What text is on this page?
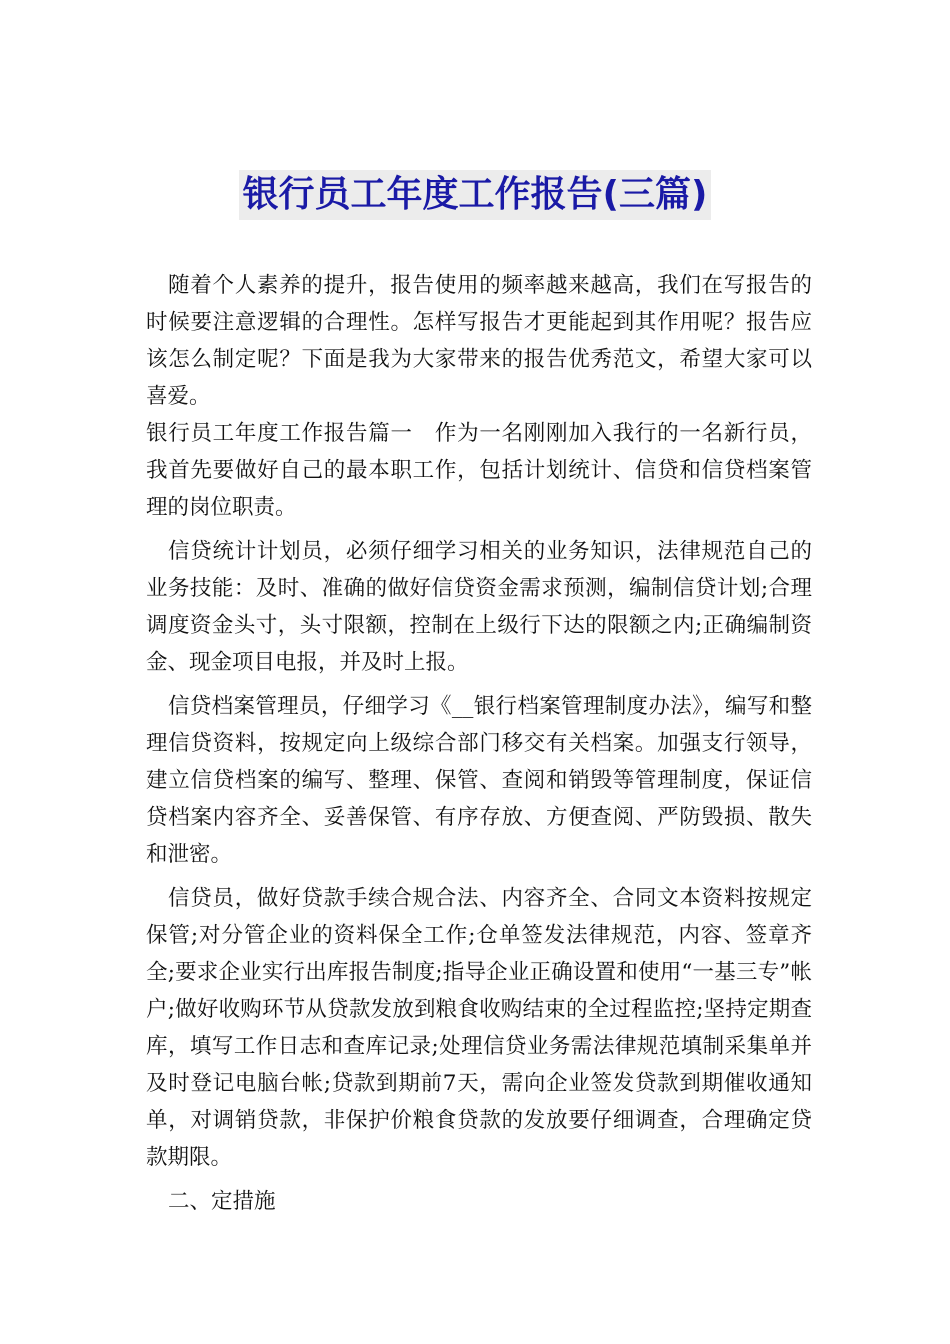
银行员工年度工作报告(三篇)

随着个人素养的提升，报告使用的频率越来越高，我们在写报告的时候要注意逻辑的合理性。怎样写报告才更能起到其作用呢？报告应该怎么制定呢？下面是我为大家带来的报告优秀范文，希望大家可以喜爱。

银行员工年度工作报告篇一　作为一名刚刚加入我行的一名新行员，我首先要做好自己的最本职工作，包括计划统计、信贷和信贷档案管理的岗位职责。

信贷统计计划员，必须仔细学习相关的业务知识，法律规范自己的业务技能：及时、准确的做好信贷资金需求预测，编制信贷计划;合理调度资金头寸，头寸限额，控制在上级行下达的限额之内;正确编制资金、现金项目电报，并及时上报。

信贷档案管理员，仔细学习《__银行档案管理制度办法》，编写和整理信贷资料，按规定向上级综合部门移交有关档案。加强支行领导，建立信贷档案的编写、整理、保管、查阅和销毁等管理制度，保证信贷档案内容齐全、妥善保管、有序存放、方便查阅、严防毁损、散失和泄密。

信贷员，做好贷款手续合规合法、内容齐全、合同文本资料按规定保管;对分管企业的资料保全工作;仓单签发法律规范，内容、签章齐全;要求企业实行出库报告制度;指导企业正确设置和使用“一基三专”帐户;做好收购环节从贷款发放到粮食收购结束的全过程监控;坚持定期查库，填写工作日志和查库记录;处理信贷业务需法律规范填制采集单并及时登记电脑台帐;贷款到期前7天，需向企业签发贷款到期催收通知单，对调销贷款，非保护价粮食贷款的发放要仔细调查，合理确定贷款期限。

二、定措施
